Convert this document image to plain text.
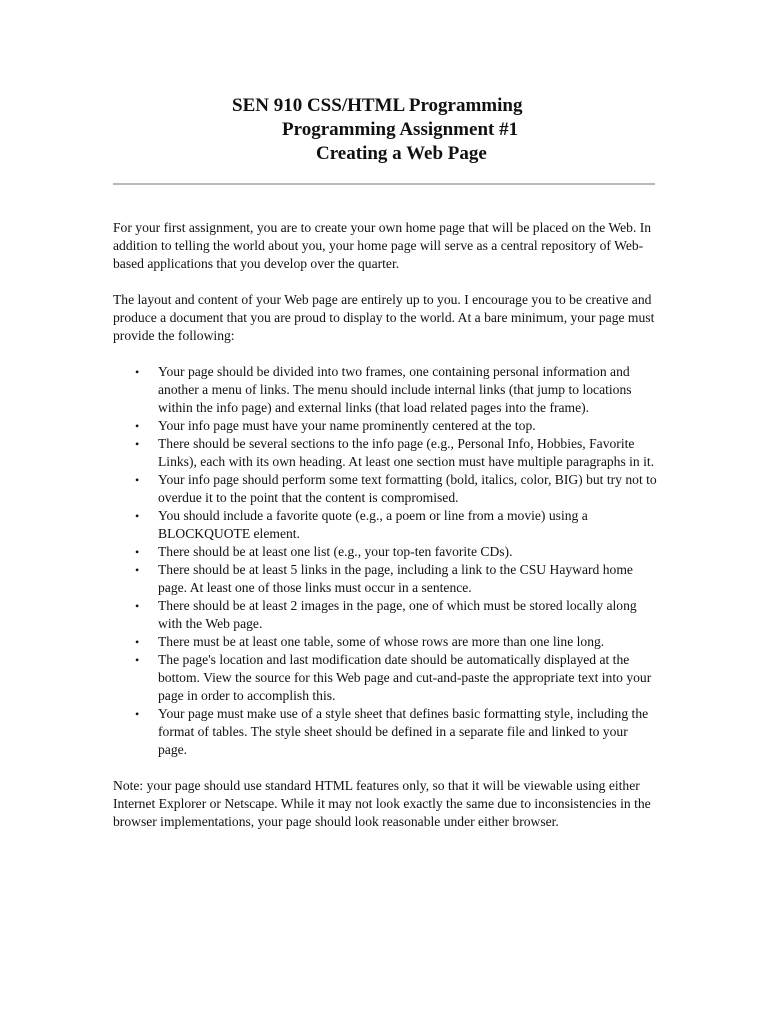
SEN 910 CSS/HTML Programming
Programming Assignment #1
Creating a Web Page

For your first assignment, you are to create your own home page that will be placed on the Web. In addition to telling the world about you, your home page will serve as a central repository of Web-based applications that you develop over the quarter.

The layout and content of your Web page are entirely up to you. I encourage you to be creative and produce a document that you are proud to display to the world. At a bare minimum, your page must provide the following:

• Your page should be divided into two frames, one containing personal information and another a menu of links. The menu should include internal links (that jump to locations within the info page) and external links (that load related pages into the frame).
• Your info page must have your name prominently centered at the top.
• There should be several sections to the info page (e.g., Personal Info, Hobbies, Favorite Links), each with its own heading. At least one section must have multiple paragraphs in it.
• Your info page should perform some text formatting (bold, italics, color, BIG) but try not to overdue it to the point that the content is compromised.
• You should include a favorite quote (e.g., a poem or line from a movie) using a BLOCKQUOTE element.
• There should be at least one list (e.g., your top-ten favorite CDs).
• There should be at least 5 links in the page, including a link to the CSU Hayward home page. At least one of those links must occur in a sentence.
• There should be at least 2 images in the page, one of which must be stored locally along with the Web page.
• There must be at least one table, some of whose rows are more than one line long.
• The page's location and last modification date should be automatically displayed at the bottom. View the source for this Web page and cut-and-paste the appropriate text into your page in order to accomplish this.
• Your page must make use of a style sheet that defines basic formatting style, including the format of tables. The style sheet should be defined in a separate file and linked to your page.

Note: your page should use standard HTML features only, so that it will be viewable using either Internet Explorer or Netscape. While it may not look exactly the same due to inconsistencies in the browser implementations, your page should look reasonable under either browser.
